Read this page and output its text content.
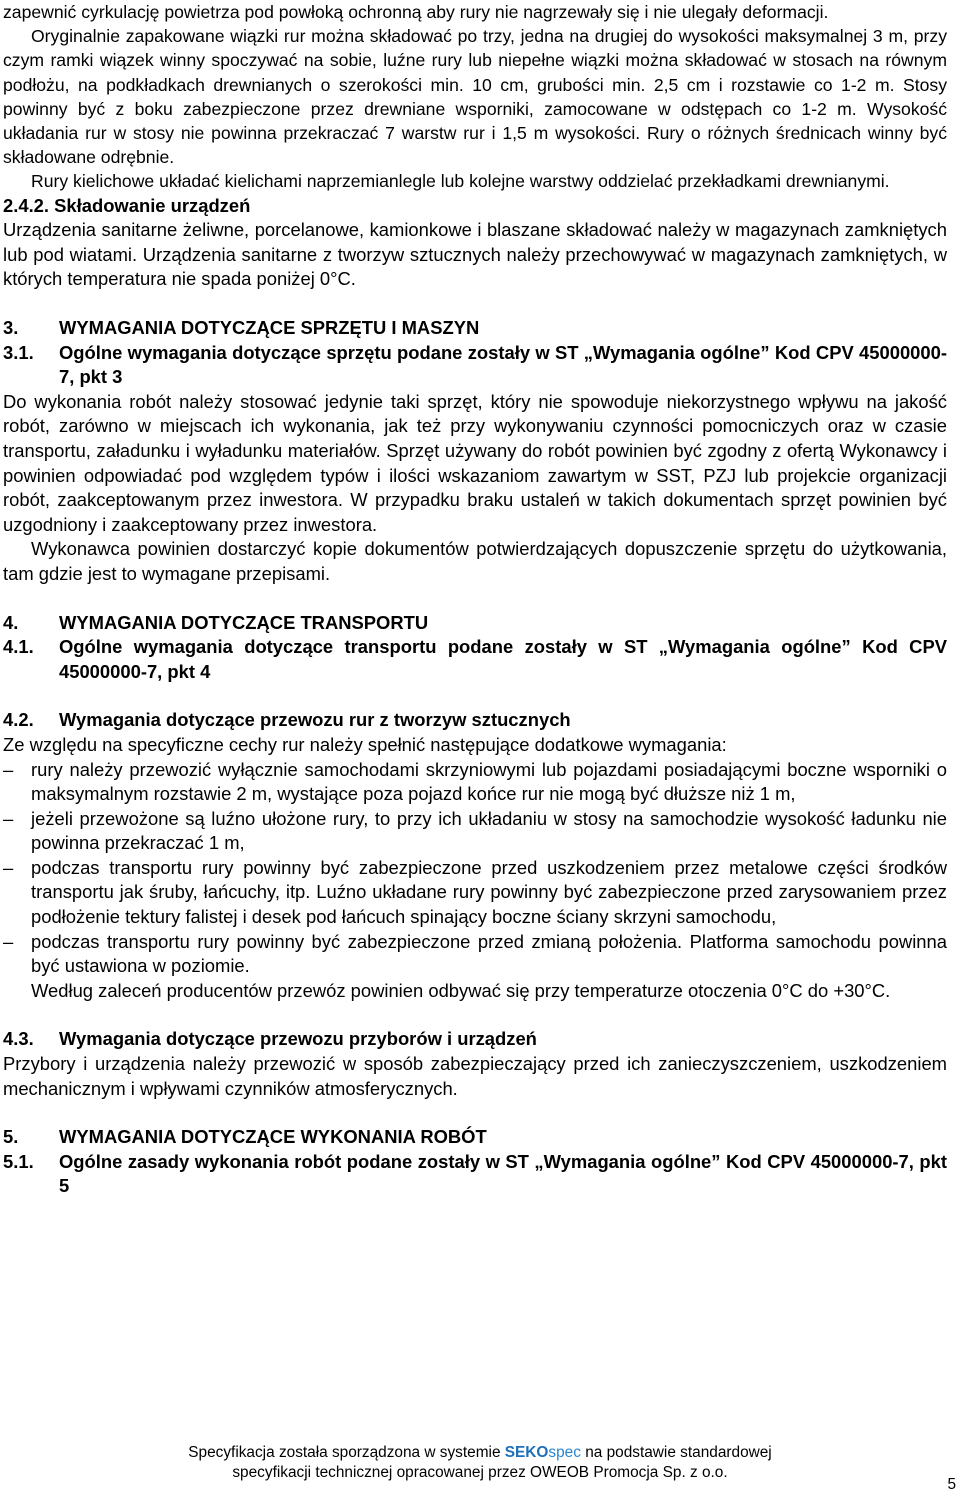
zapewnić cyrkulację powietrza pod powłoką ochronną aby rury nie nagrzewały się i nie ulegały deformacji.

Oryginalnie zapakowane wiązki rur można składować po trzy, jedna na drugiej do wysokości maksymalnej 3 m, przy czym ramki wiązek winny spoczywać na sobie, luźne rury lub niepełne wiązki można składować w stosach na równym podłożu, na podkładkach drewnianych o szerokości min. 10 cm, grubości min. 2,5 cm i rozstawie co 1-2 m. Stosy powinny być z boku zabezpieczone przez drewniane wsporniki, zamocowane w odstępach co 1-2 m. Wysokość układania rur w stosy nie powinna przekraczać 7 warstw rur i 1,5 m wysokości. Rury o różnych średnicach winny być składowane odrębnie.

Rury kielichowe układać kielichami naprzemianlegle lub kolejne warstwy oddzielać przekładkami drewnianymi.

2.4.2. Składowanie urządzeń

Urządzenia sanitarne żeliwne, porcelanowe, kamionkowe i blaszane składować należy w magazynach zamkniętych lub pod wiatami. Urządzenia sanitarne z tworzyw sztucznych należy przechowywać w magazynach zamkniętych, w których temperatura nie spada poniżej 0°C.

3.	WYMAGANIA DOTYCZĄCE SPRZĘTU I MASZYN
3.1.	Ogólne wymagania dotyczące sprzętu podane zostały w ST „Wymagania ogólne” Kod CPV 45000000-7, pkt 3

Do wykonania robót należy stosować jedynie taki sprzęt, który nie spowoduje niekorzystnego wpływu na jakość robót, zarówno w miejscach ich wykonania, jak też przy wykonywaniu czynności pomocniczych oraz w czasie transportu, załadunku i wyładunku materiałów. Sprzęt używany do robót powinien być zgodny z ofertą Wykonawcy i powinien odpowiadać pod względem typów i ilości wskazaniom zawartym w SST, PZJ lub projekcie organizacji robót, zaakceptowanym przez inwestora. W przypadku braku ustaleń w takich dokumentach sprzęt powinien być uzgodniony i zaakceptowany przez inwestora.

Wykonawca powinien dostarczyć kopie dokumentów potwierdzających dopuszczenie sprzętu do użytkowania, tam gdzie jest to wymagane przepisami.

4.	WYMAGANIA DOTYCZĄCE TRANSPORTU
4.1.	Ogólne wymagania dotyczące transportu podane zostały w ST „Wymagania ogólne” Kod CPV 45000000-7, pkt 4
4.2.	Wymagania dotyczące przewozu rur z tworzyw sztucznych

Ze względu na specyficzne cechy rur należy spełnić następujące dodatkowe wymagania:

– rury należy przewozić wyłącznie samochodami skrzyniowymi lub pojazdami posiadającymi boczne wsporniki o maksymalnym rozstawie 2 m, wystające poza pojazd końce rur nie mogą być dłuższe niż 1 m,
– jeżeli przewożone są luźno ułożone rury, to przy ich układaniu w stosy na samochodzie wysokość ładunku nie powinna przekraczać 1 m,
– podczas transportu rury powinny być zabezpieczone przed uszkodzeniem przez metalowe części środków transportu jak śruby, łańcuchy, itp. Luźno układane rury powinny być zabezpieczone przed zarysowaniem przez podłożenie tektury falistej i desek pod łańcuch spinający boczne ściany skrzyni samochodu,
– podczas transportu rury powinny być zabezpieczone przed zmianą położenia. Platforma samochodu powinna być ustawiona w poziomie.

Według zaleceń producentów przewóz powinien odbywać się przy temperaturze otoczenia 0°C do +30°C.

4.3.	Wymagania dotyczące przewozu przyborów i urządzeń

Przybory i urządzenia należy przewozić w sposób zabezpieczający przed ich zanieczyszczeniem, uszkodzeniem mechanicznym i wpływami czynników atmosferycznych.

5.	WYMAGANIA DOTYCZĄCE WYKONANIA ROBÓT
5.1.	Ogólne zasady wykonania robót podane zostały w ST „Wymagania ogólne” Kod CPV 45000000-7, pkt 5
Specyfikacja została sporządzona w systemie SEKOspec na podstawie standardowej
specyfikacji technicznej opracowanej przez OWEOB Promocja Sp. z o.o.
5
